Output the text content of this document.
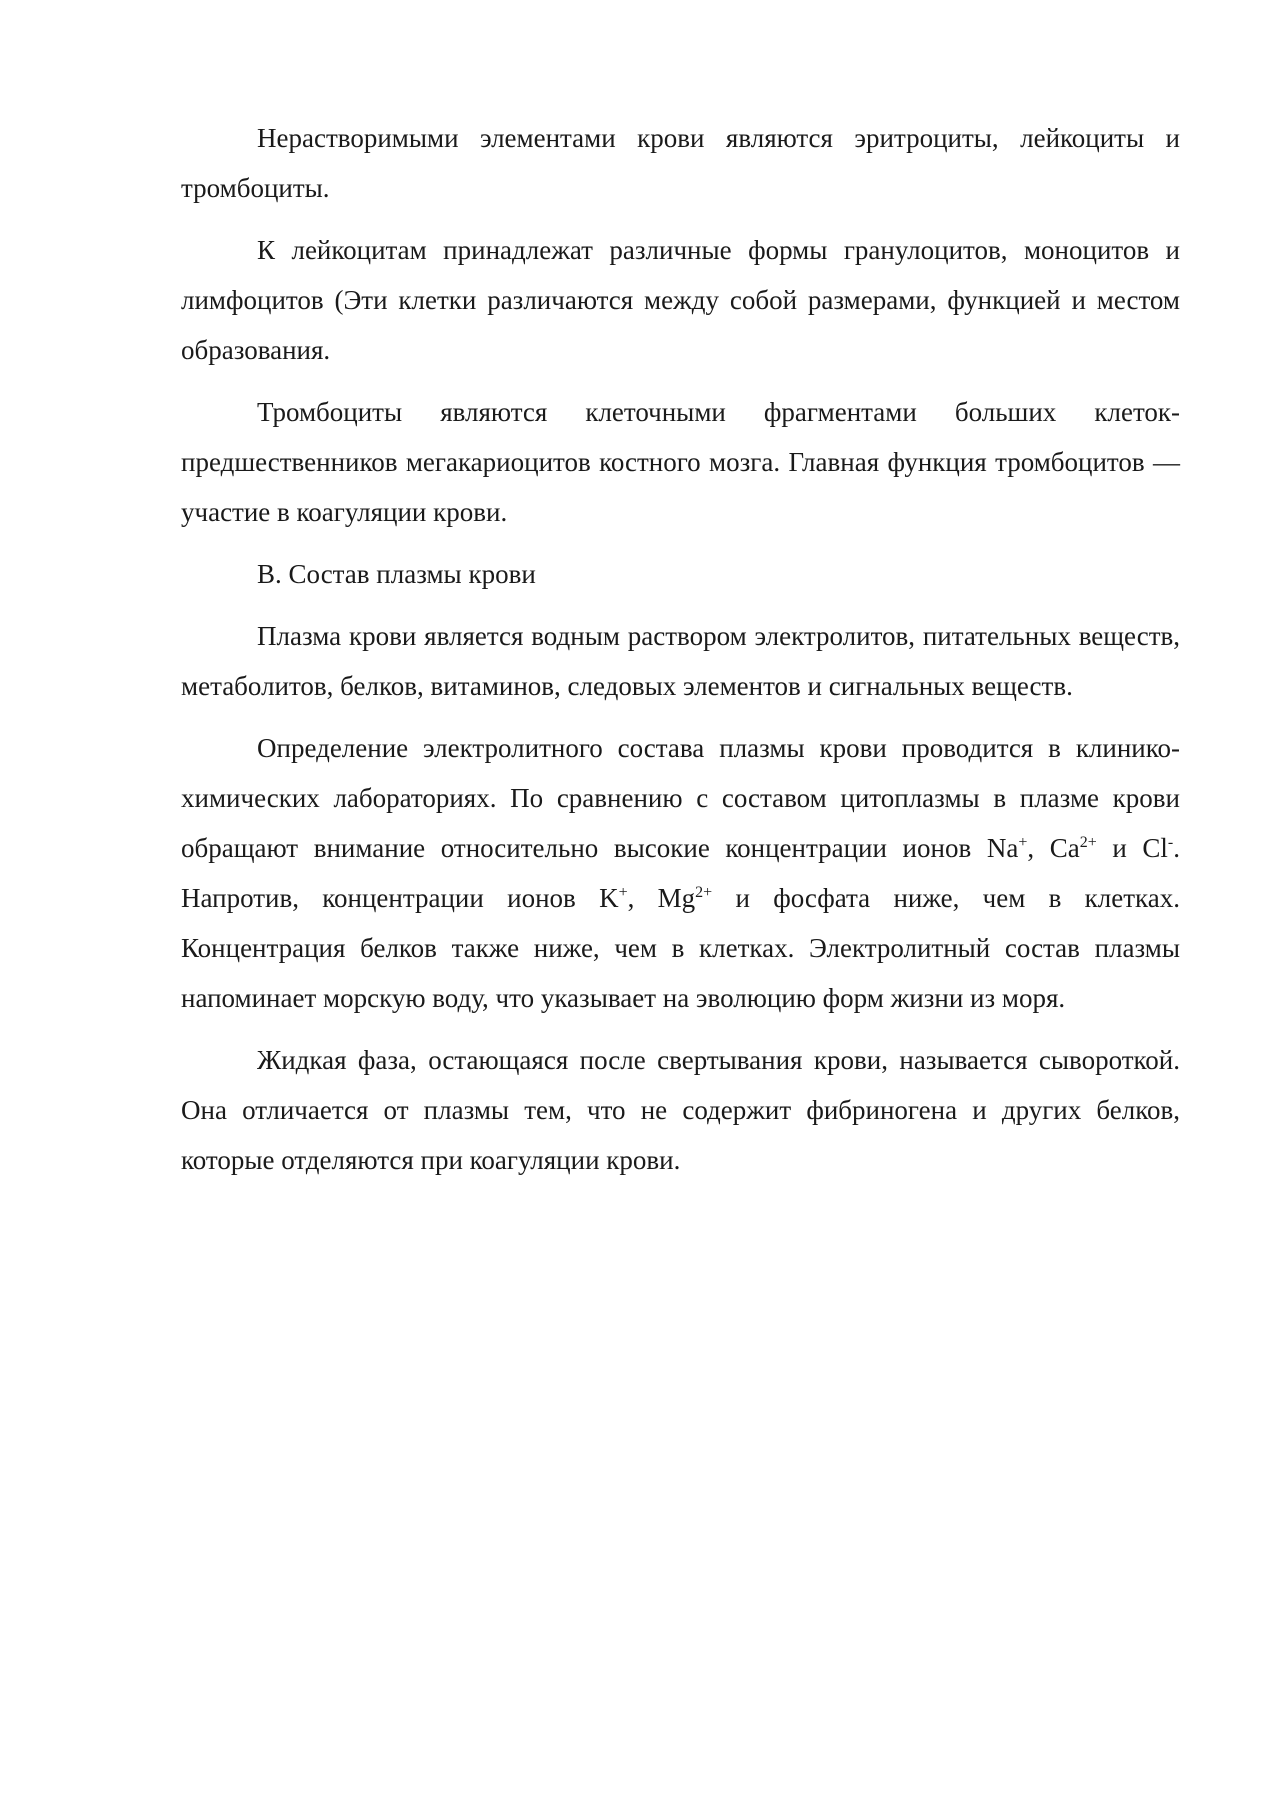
Нерастворимыми элементами крови являются эритроциты, лейкоциты и тромбоциты.

К лейкоцитам принадлежат различные формы гранулоцитов, моноцитов и лимфоцитов (Эти клетки различаются между собой размерами, функцией и местом образования.

Тромбоциты являются клеточными фрагментами больших клеток-предшественников мегакариоцитов костного мозга. Главная функция тромбоцитов — участие в коагуляции крови.

B. Состав плазмы крови

Плазма крови является водным раствором электролитов, питательных веществ, метаболитов, белков, витаминов, следовых элементов и сигнальных веществ.

Определение электролитного состава плазмы крови проводится в клинико-химических лабораториях. По сравнению с составом цитоплазмы в плазме крови обращают внимание относительно высокие концентрации ионов Na+, $Ca^{2+}$ и Cl-. Напротив, концентрации ионов K+, $Mg^{2+}$ и фосфата ниже, чем в клетках. Концентрация белков также ниже, чем в клетках. Электролитный состав плазмы напоминает морскую воду, что указывает на эволюцию форм жизни из моря.

Жидкая фаза, остающаяся после свертывания крови, называется сывороткой. Она отличается от плазмы тем, что не содержит фибриногена и других белков, которые отделяются при коагуляции крови.
